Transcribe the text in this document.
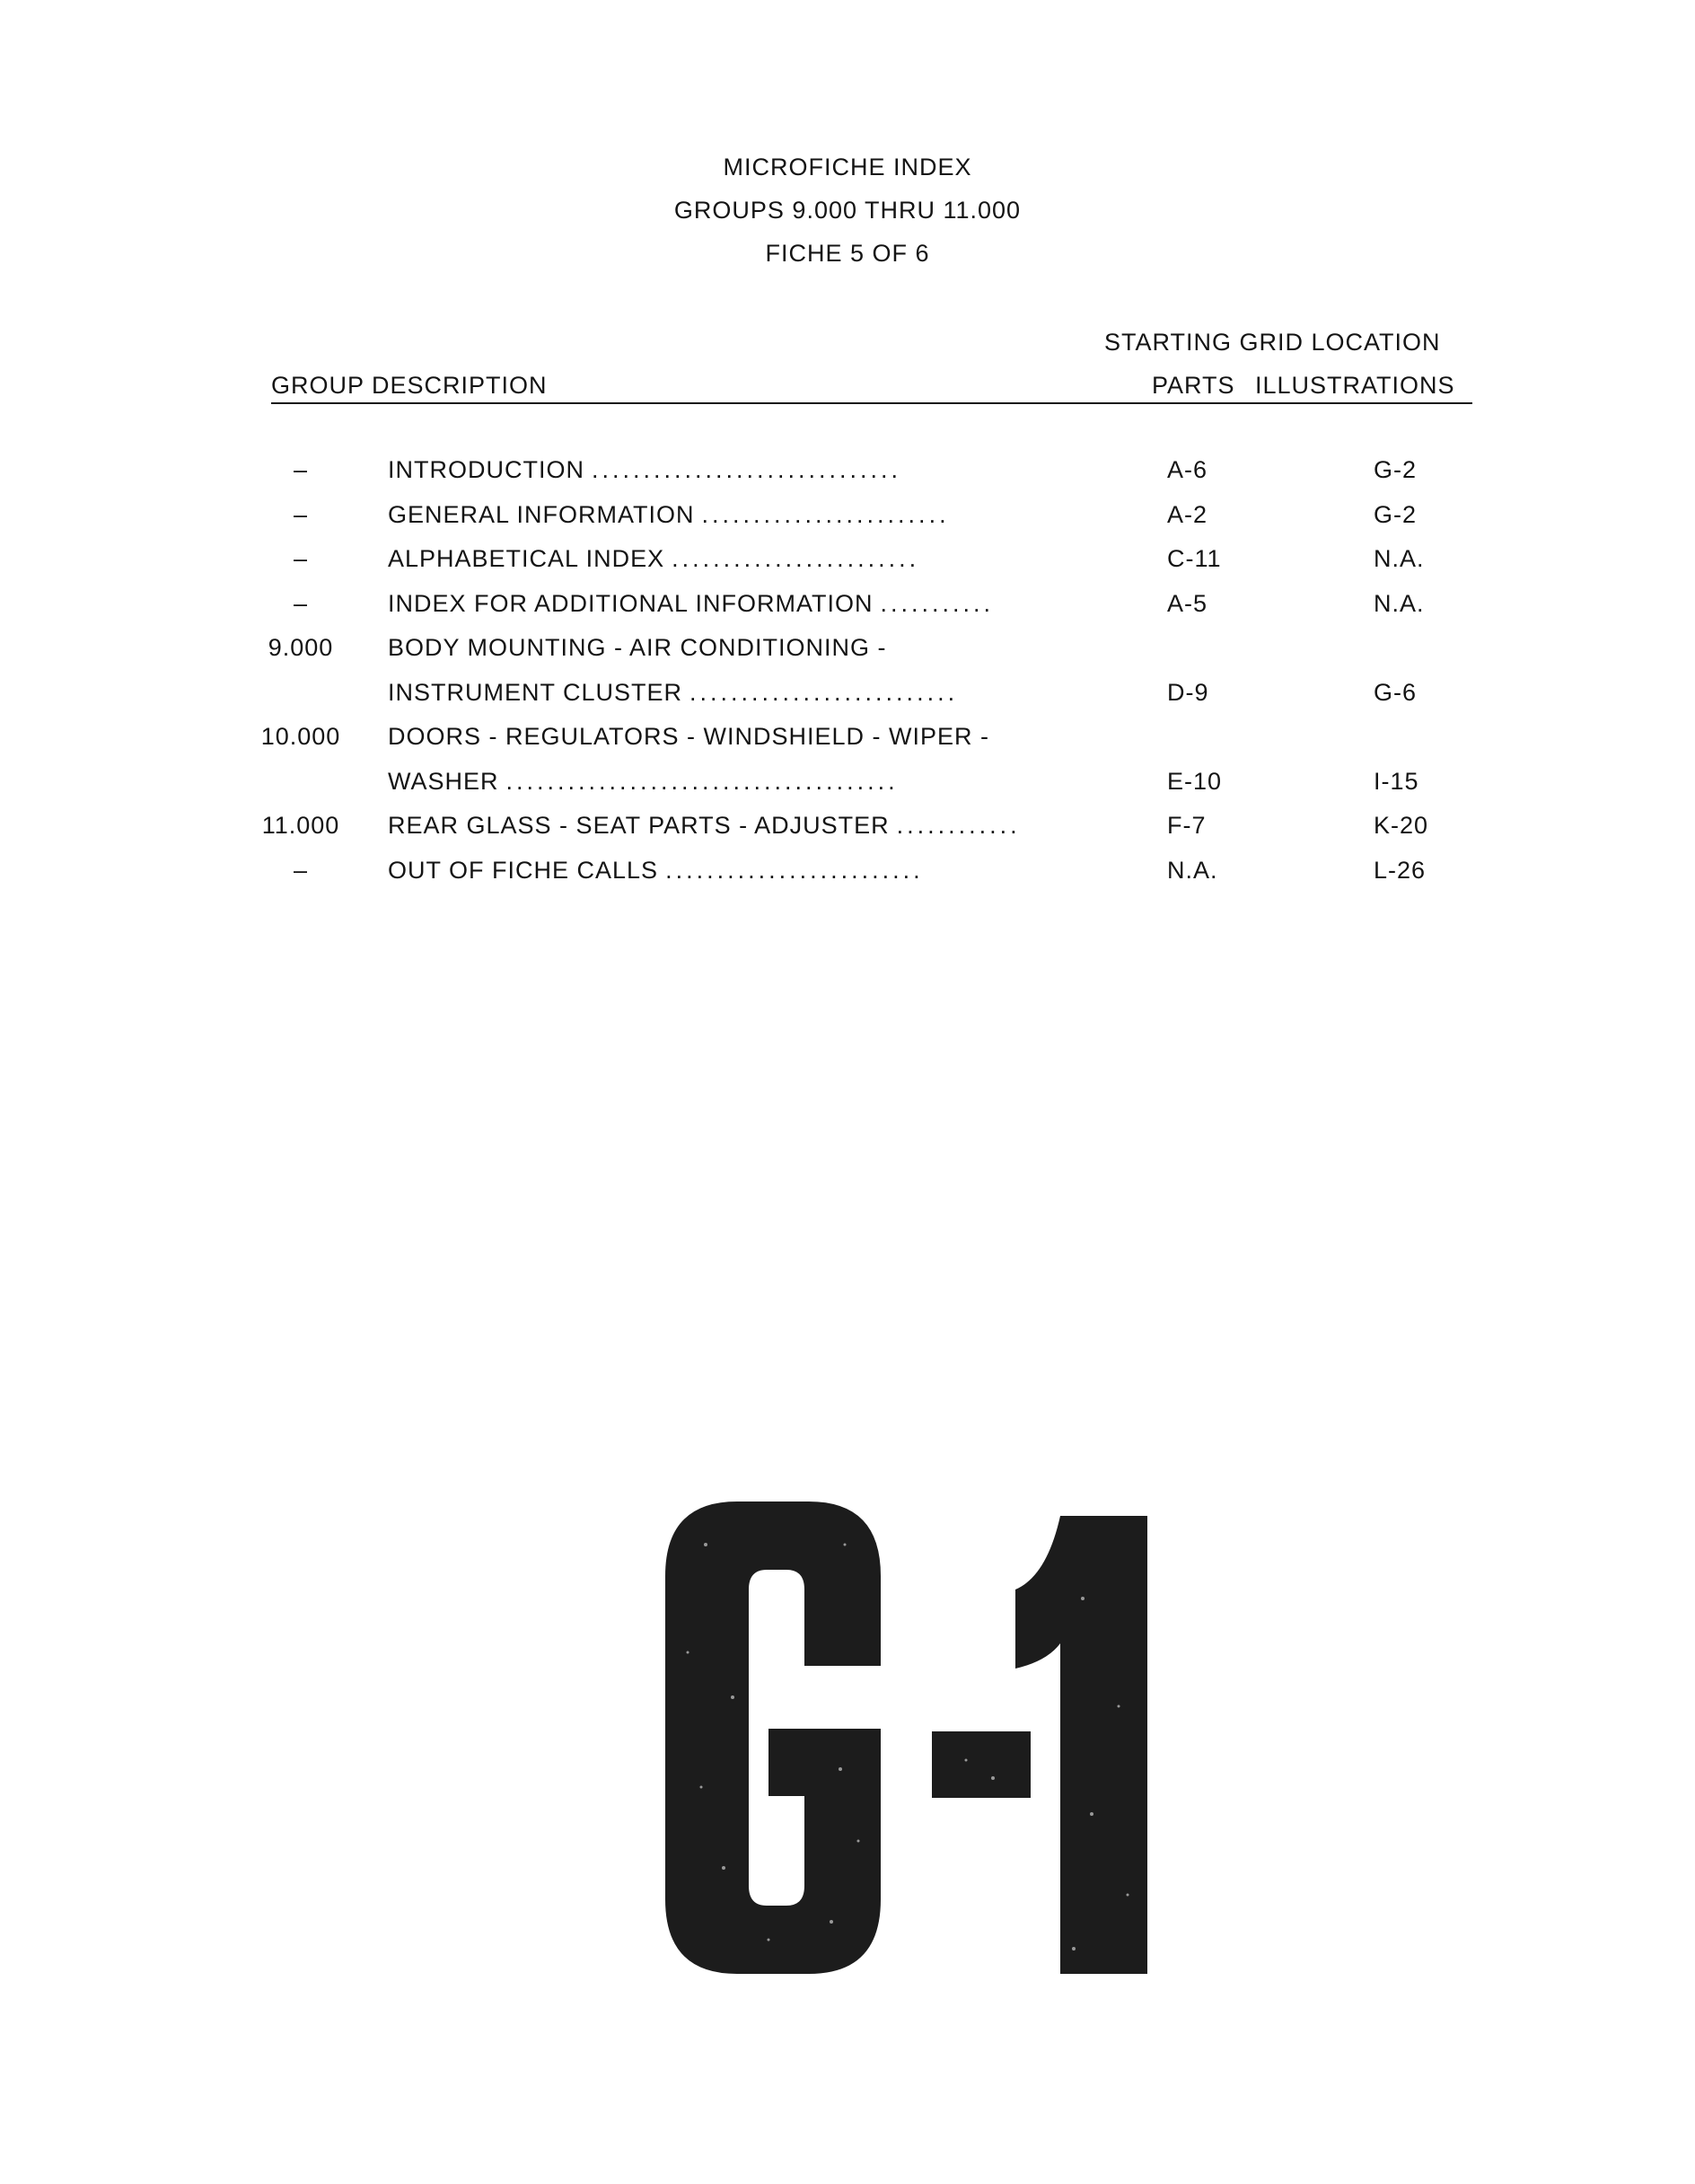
MICROFICHE INDEX
GROUPS 9.000 THRU 11.000
FICHE 5 OF 6
STARTING GRID LOCATION
GROUP DESCRIPTION	PARTS ILLUSTRATIONS
–	INTRODUCTION ..............................	A-6	G-2
–	GENERAL INFORMATION ........................	A-2	G-2
–	ALPHABETICAL INDEX ........................	C-11	N.A.
–	INDEX FOR ADDITIONAL INFORMATION ...........	A-5	N.A.
9.000	BODY MOUNTING - AIR CONDITIONING -
INSTRUMENT CLUSTER ..........................	D-9	G-6
10.000	DOORS - REGULATORS - WINDSHIELD - WIPER -
WASHER ......................................	E-10	I-15
11.000	REAR GLASS - SEAT PARTS - ADJUSTER ............	F-7	K-20
–	OUT OF FICHE CALLS .........................	N.A.	L-26
